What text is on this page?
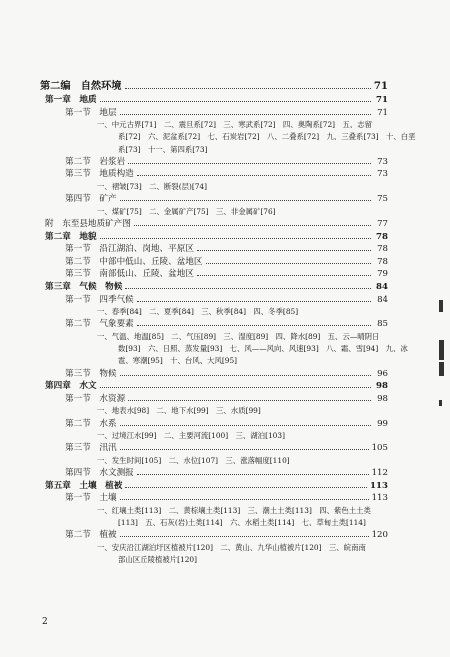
第二编　自然环境	71
第一章　地质	71
第一节　地层	71
一、中元古界[71]　二、震旦系[72]　三、寒武系[72]　四、奥陶系[72]　五、志留
系[72]　六、泥盆系[72]　七、石炭岩[72]　八、二叠系[72]　九、三叠系[73]　十、白垩
系[73]　十一、第四系[73]
第二节　岩浆岩	73
第三节　地质构造	73
一、褶皱[73]　二、断裂(层)[74]
第四节　矿产	75
一、煤矿[75]　二、金属矿产[75]　三、非金属矿[76]
附　东至县地质矿产图	77
第二章　地貌	78
第一节　沿江湖泊、岗地、平原区	78
第二节　中部中低山、丘陵、盆地区	78
第三节　南部低山、丘陵、盆地区	79
第三章　气候　物候	84
第一节　四季气候	84
一、春季[84]　二、夏季[84]　三、秋季[84]　四、冬季[85]
第二节　气象要素	85
一、气温、地温[85]　二、气压[89]　三、湿度[89]　四、降水[89]　五、云—晴阴日
数[93]　六、日照、蒸发量[93]　七、风——风向、风速[93]　八、霜、雪[94]　九、冰
雹、寒潮[95]　十、台风、大风[95]
第三节　物候	96
第四章　水文	98
第一节　水资源	98
一、地表水[98]　二、地下水[99]　三、水质[99]
第二节　水系	99
一、过境江水[99]　二、主要河流[100]　三、湖泊[103]
第三节　汛汛	105
一、发生时间[105]　二、水位[107]　三、涨落幅度[110]
第四节　水文测报	112
第五章　土壤　植被	113
第一节　土壤	113
一、红壤土类[113]　二、黄棕壤土类[113]　三、潮土土类[113]　四、紫色土土类
[113]　五、石灰(岩)土类[114]　六、水稻土类[114]　七、草甸土类[114]
第二节　植被	120
一、安庆沿江湖泊圩区植被片[120]　二、黄山、九华山植被片[120]　三、皖南南
部山区丘陵植被片[120]
2
